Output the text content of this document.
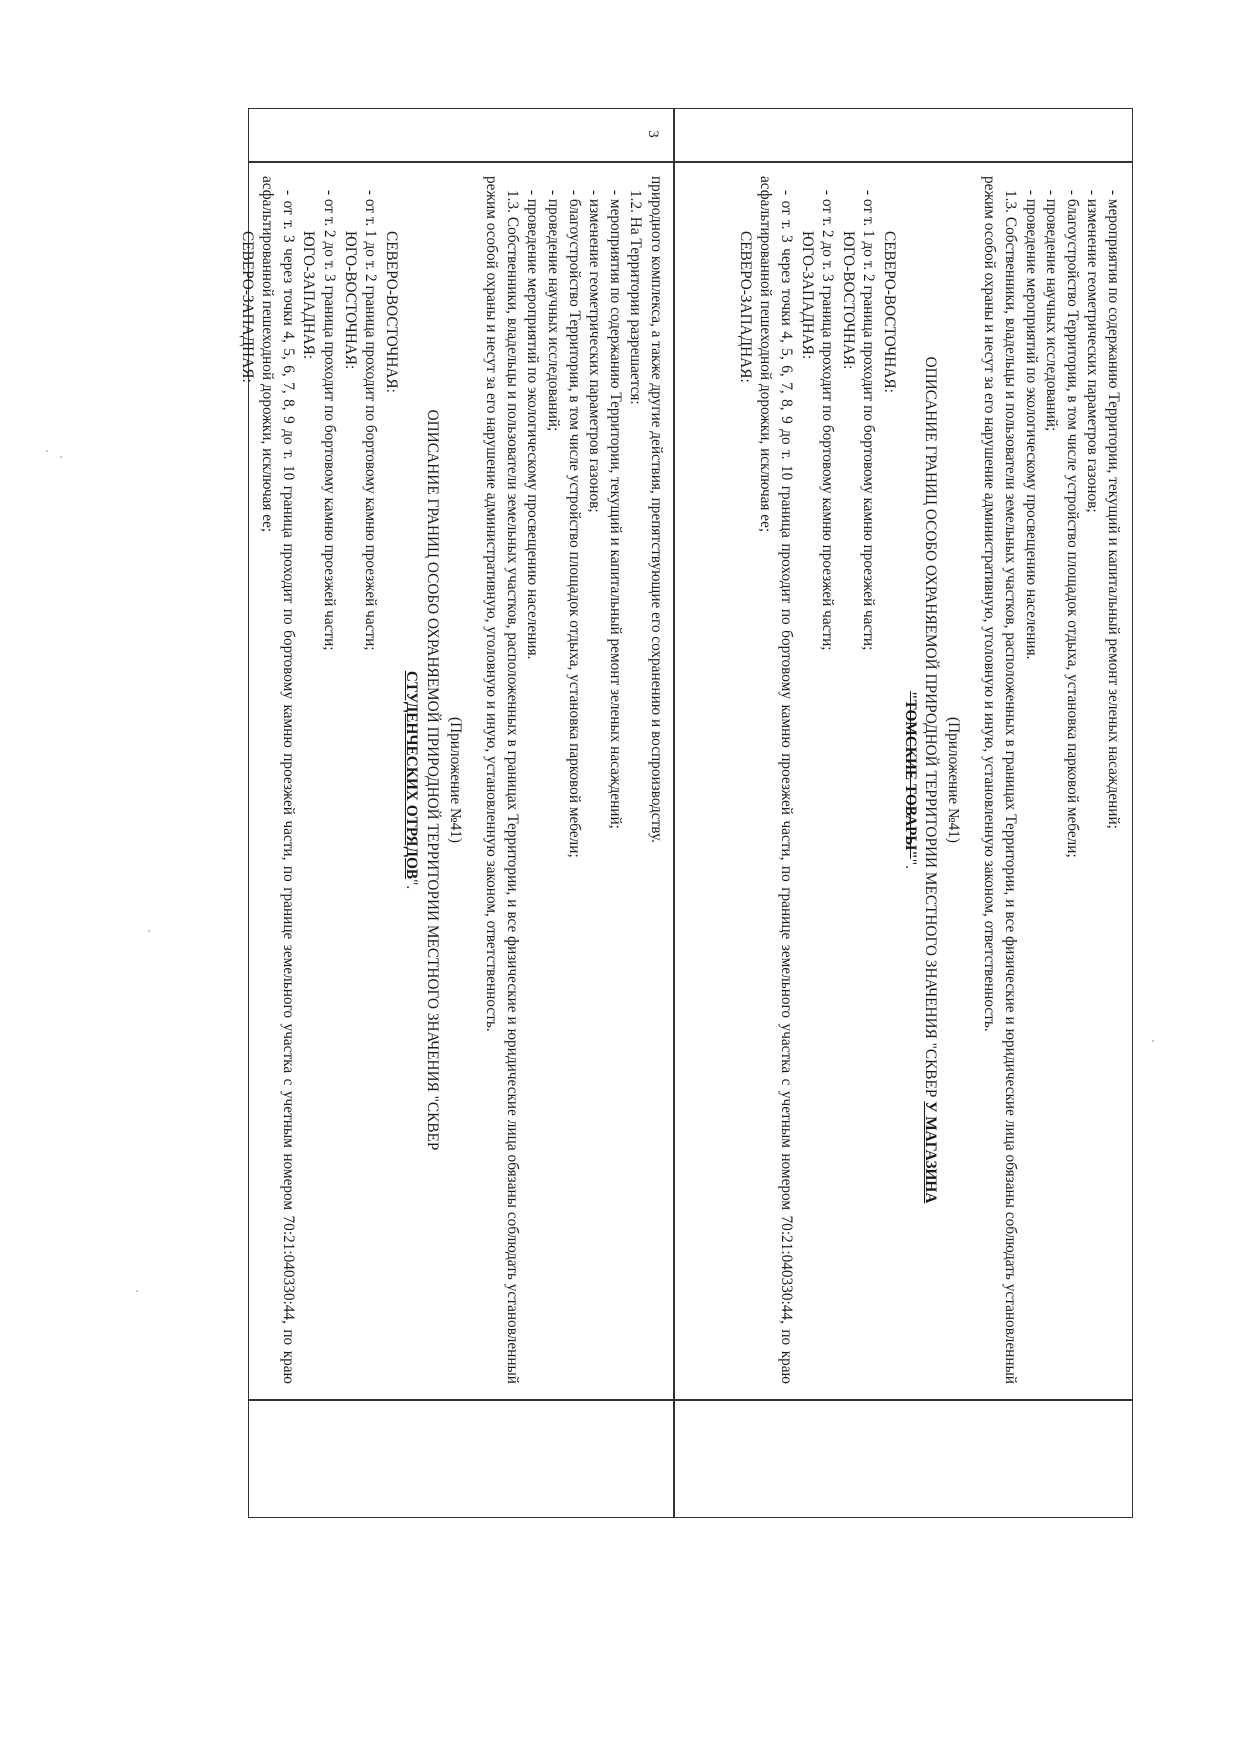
3

- мероприятия по содержанию Территории, текущий и капитальный ремонт зеленых насаждений;

- изменение геометрических параметров газонов;

- благоустройство Территории, в том числе устройство площадок отдыха, установка парковой мебели;

- проведение научных исследований;

- проведение мероприятий по экологическому просвещению населения.

1.3. Собственники, владельцы и пользователи земельных участков, расположенных в границах Территории, и все физические и юридические лица обязаны соблюдать установленный режим особой охраны и несут за его нарушение административную, уголовную и иную, установленную законом, ответственность.

(Приложение №41)

ОПИСАНИЕ ГРАНИЦ ОСОБО ОХРАНЯЕМОЙ ПРИРОДНОЙ ТЕРРИТОРИИ МЕСТНОГО ЗНАЧЕНИЯ "СКВЕР У МАГАЗИНА
"ТОМСКИЕ ТОВАРЫ"".

СЕВЕРО-ВОСТОЧНАЯ:

- от т. 1 до т. 2 граница проходит по бортовому камню прoезжей части;

ЮГО-ВОСТОЧНАЯ:

- от т. 2 до т. 3 граница проходит по бортовому камню проезжей части;

ЮГО-ЗАПАДНАЯ:

- от т. 3 через точки 4, 5, 6, 7, 8, 9 до т. 10 граница проходит по бортовому камню проезжей части, по границе земельного участка с учетным номером 70:21:040330:44, по краю асфальтированной пешеходной дорожки, исключая ее;

СЕВЕРО-ЗАПАДНАЯ:

природного комплекса, а также другие действия, препятствующие его сохранению и воспроизводству.

1.2. На Территории разрешается:

- мероприятия по содержанию Территории, текущий и капитальный ремонт зеленых насаждений;

- изменение геометрических параметров газонов;

- благоустройство Территории, в том числе устройство площадок отдыха, установка парковой мебели;

- проведение научных исследований;

- проведение мероприятий по экологическому просвещению населения.

1.3. Собственники, владельцы и пользователи земельных участков, расположенных в границах Территории, и все физические и юридические лица обязаны соблюдать установленный режим особой охраны и несут за его нарушение административную, уголовную и иную, установленную законом, ответственность.

(Приложение №41)

ОПИСАНИЕ ГРАНИЦ ОСОБО ОХРАНЯЕМОЙ ПРИРОДНОЙ ТЕРРИТОРИИ МЕСТНОГО ЗНАЧЕНИЯ "СКВЕР
СТУДЕНЧЕСКИХ ОТРЯДОВ".

СЕВЕРО-ВОСТОЧНАЯ:

- от т. 1 до т. 2 граница проходит по бортовому камню проезжей части;

ЮГО-ВОСТОЧНАЯ:

- от т. 2 до т. 3 граница проходит по бортовому камню проезжей части;

ЮГО-ЗАПАДНАЯ:

- от т. 3 через точки 4, 5, 6, 7, 8, 9 до т. 10 граница проходит по бортовому камню проезжей части, по границе земельного участка с учетным номером 70:21:040330:44, по краю асфальтированной пешеходной дорожки, исключая ее;

СЕВЕРО-ЗАПАДНАЯ:
